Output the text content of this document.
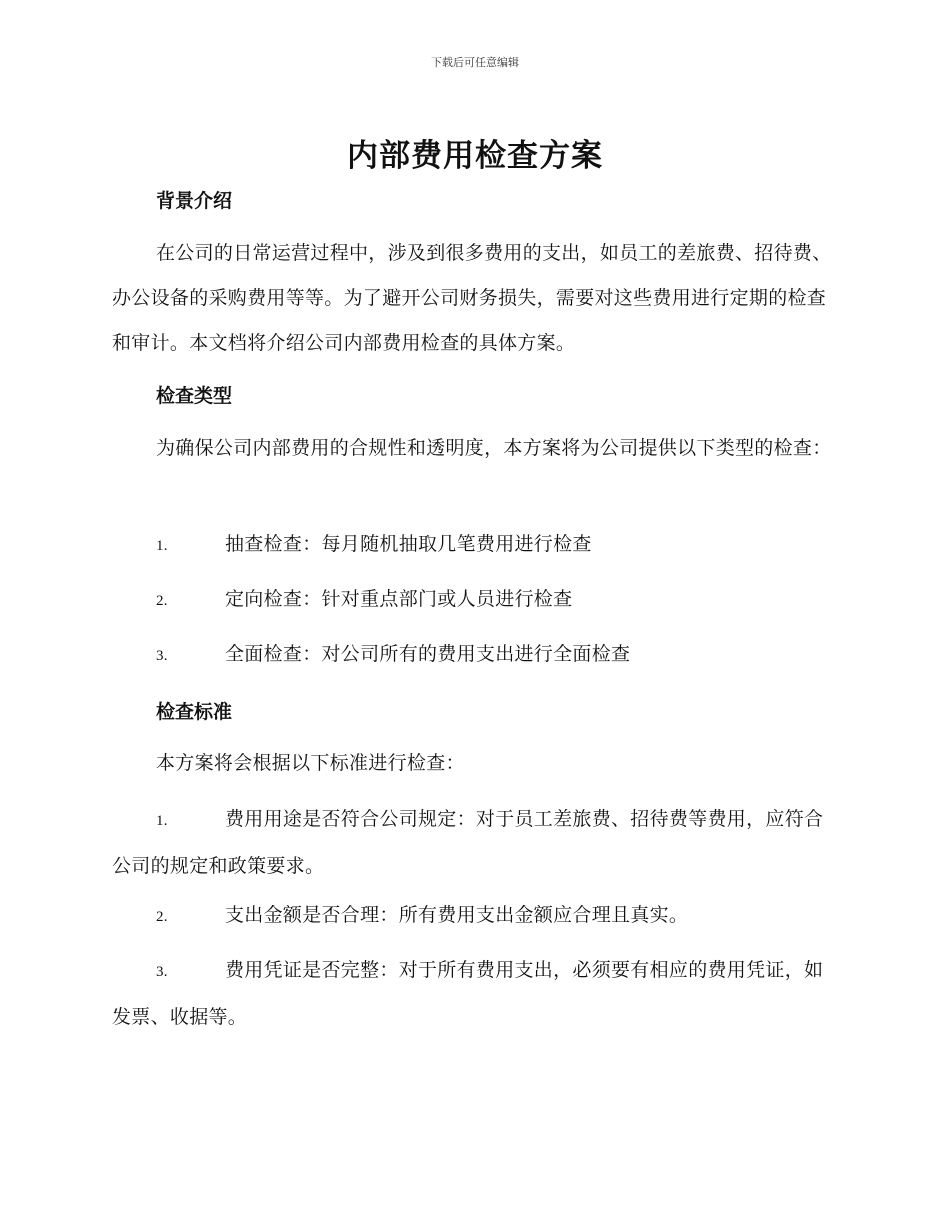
下载后可任意编辑
内部费用检查方案
背景介绍
在公司的日常运营过程中，涉及到很多费用的支出，如员工的差旅费、招待费、办公设备的采购费用等等。为了避开公司财务损失，需要对这些费用进行定期的检查和审计。本文档将介绍公司内部费用检查的具体方案。
检查类型
为确保公司内部费用的合规性和透明度，本方案将为公司提供以下类型的检查：
1.	抽查检查：每月随机抽取几笔费用进行检查
2.	定向检查：针对重点部门或人员进行检查
3.	全面检查：对公司所有的费用支出进行全面检查
检查标准
本方案将会根据以下标准进行检查：
1.	费用用途是否符合公司规定：对于员工差旅费、招待费等费用，应符合公司的规定和政策要求。
2.	支出金额是否合理：所有费用支出金额应合理且真实。
3.	费用凭证是否完整：对于所有费用支出，必须要有相应的费用凭证，如发票、收据等。
